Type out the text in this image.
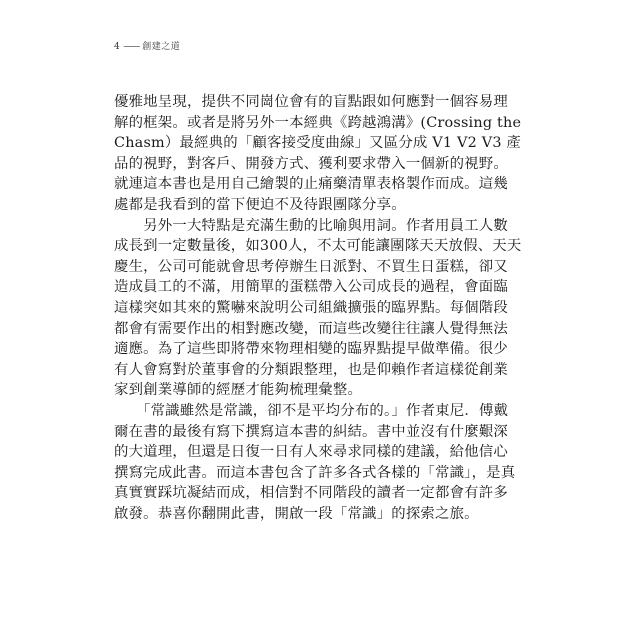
4 —— 創建之道
優雅地呈現，提供不同崗位會有的盲點跟如何應對一個容易理
解的框架。或者是將另外一本經典《跨越鴻溝》(Crossing the
Chasm）最經典的「顧客接受度曲線」又區分成 V1 V2 V3 產
品的視野，對客戶、開發方式、獲利要求帶入一個新的視野。
就連這本書也是用自己繪製的止痛藥清單表格製作而成。這幾
處都是我看到的當下便迫不及待跟團隊分享。
　　另外一大特點是充滿生動的比喻與用詞。作者用員工人數
成長到一定數量後，如300人，不太可能讓團隊天天放假、天天
慶生，公司可能就會思考停辦生日派對、不買生日蛋糕，卻又
造成員工的不滿，用簡單的蛋糕帶入公司成長的過程，會面臨
這樣突如其來的驚嚇來說明公司組織擴張的臨界點。每個階段
都會有需要作出的相對應改變，而這些改變往往讓人覺得無法
適應。為了這些即將帶來物理相變的臨界點提早做準備。很少
有人會寫對於董事會的分類跟整理，也是仰賴作者這樣從創業
家到創業導師的經歷才能夠梳理彙整。
　　「常識雖然是常識，卻不是平均分布的。」作者東尼．傅戴
爾在書的最後有寫下撰寫這本書的糾結。書中並沒有什麼艱深
的大道理，但還是日復一日有人來尋求同樣的建議，給他信心
撰寫完成此書。而這本書包含了許多各式各樣的「常識」，是真
真實實踩坑凝結而成，相信對不同階段的讀者一定都會有許多
啟發。恭喜你翻開此書，開啟一段「常識」的探索之旅。
